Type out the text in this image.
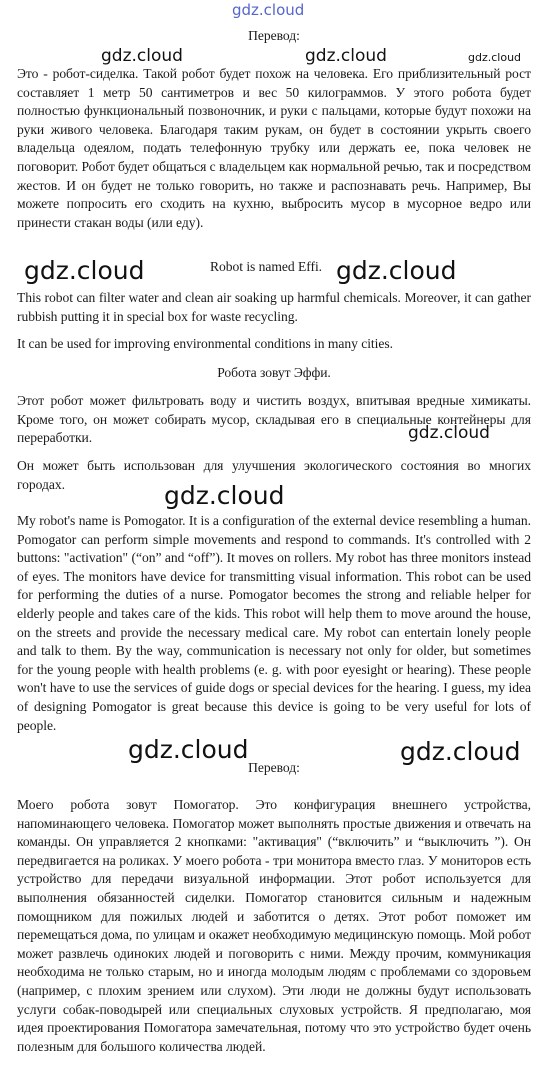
gdz.cloud
gdz.cloud	gdz.cloud	gdz.cloud
gdz.cloud	gdz.cloud
gdz.cloud
gdz.cloud
gdz.cloud	gdz.cloud
Перевод:
Это - робот-сиделка. Такой робот будет похож на человека. Его приблизительный рост составляет 1 метр 50 сантиметров и вес 50 килограммов. У этого робота будет полностью функциональный позвоночник, и руки с пальцами, которые будут похожи на руки живого человека. Благодаря таким рукам, он будет в состоянии укрыть своего владельца одеялом, подать телефонную трубку или держать ее, пока человек не поговорит. Робот будет общаться с владельцем как нормальной речью, так и посредством жестов. И он будет не только говорить, но также и распознавать речь. Например, Вы можете попросить его сходить на кухню, выбросить мусор в мусорное ведро или принести стакан воды (или еду).
Robot is named Effi.
This robot can filter water and clean air soaking up harmful chemicals. Moreover, it can gather rubbish putting it in special box for waste recycling.
It can be used for improving environmental conditions in many cities.
Робота зовут Эффи.
Этот робот может фильтровать воду и чистить воздух, впитывая вредные химикаты. Кроме того, он может собирать мусор, складывая его в специальные контейнеры для переработки.
Он может быть использован для улучшения экологического состояния во многих городах.
My robot's name is Pomogator. It is a configuration of the external device resembling a human. Pomogator can perform simple movements and respond to commands. It's controlled with 2 buttons: "activation" (“on” and “off”). It moves on rollers. My robot has three monitors instead of eyes. The monitors have device for transmitting visual information. This robot can be used for performing the duties of a nurse. Pomogator becomes the strong and reliable helper for elderly people and takes care of the kids. This robot will help them to move around the house, on the streets and provide the necessary medical care. My robot can entertain lonely people and talk to them. By the way, communication is necessary not only for older, but sometimes for the young people with health problems (e. g. with poor eyesight or hearing). These people won't have to use the services of guide dogs or special devices for the hearing. I guess, my idea of designing Pomogator is great because this device is going to be very useful for lots of people.
Перевод:
Моего робота зовут Помогатор. Это конфигурация внешнего устройства, напоминающего человека. Помогатор может выполнять простые движения и отвечать на команды. Он управляется 2 кнопками: "активация" (“включить” и “выключить ”). Он передвигается на роликах. У моего робота - три монитора вместо глаз. У мониторов есть устройство для передачи визуальной информации. Этот робот используется для выполнения обязанностей сиделки. Помогатор становится сильным и надежным помощником для пожилых людей и заботится о детях. Этот робот поможет им перемещаться дома, по улицам и окажет необходимую медицинскую помощь. Мой робот может развлечь одиноких людей и поговорить с ними. Между прочим, коммуникация необходима не только старым, но и иногда молодым людям с проблемами со здоровьем (например, с плохим зрением или слухом). Эти люди не должны будут использовать услуги собак-поводырей или специальных слуховых устройств. Я предполагаю, моя идея проектирования Помогатора замечательная, потому что это устройство будет очень полезным для большого количества людей.
